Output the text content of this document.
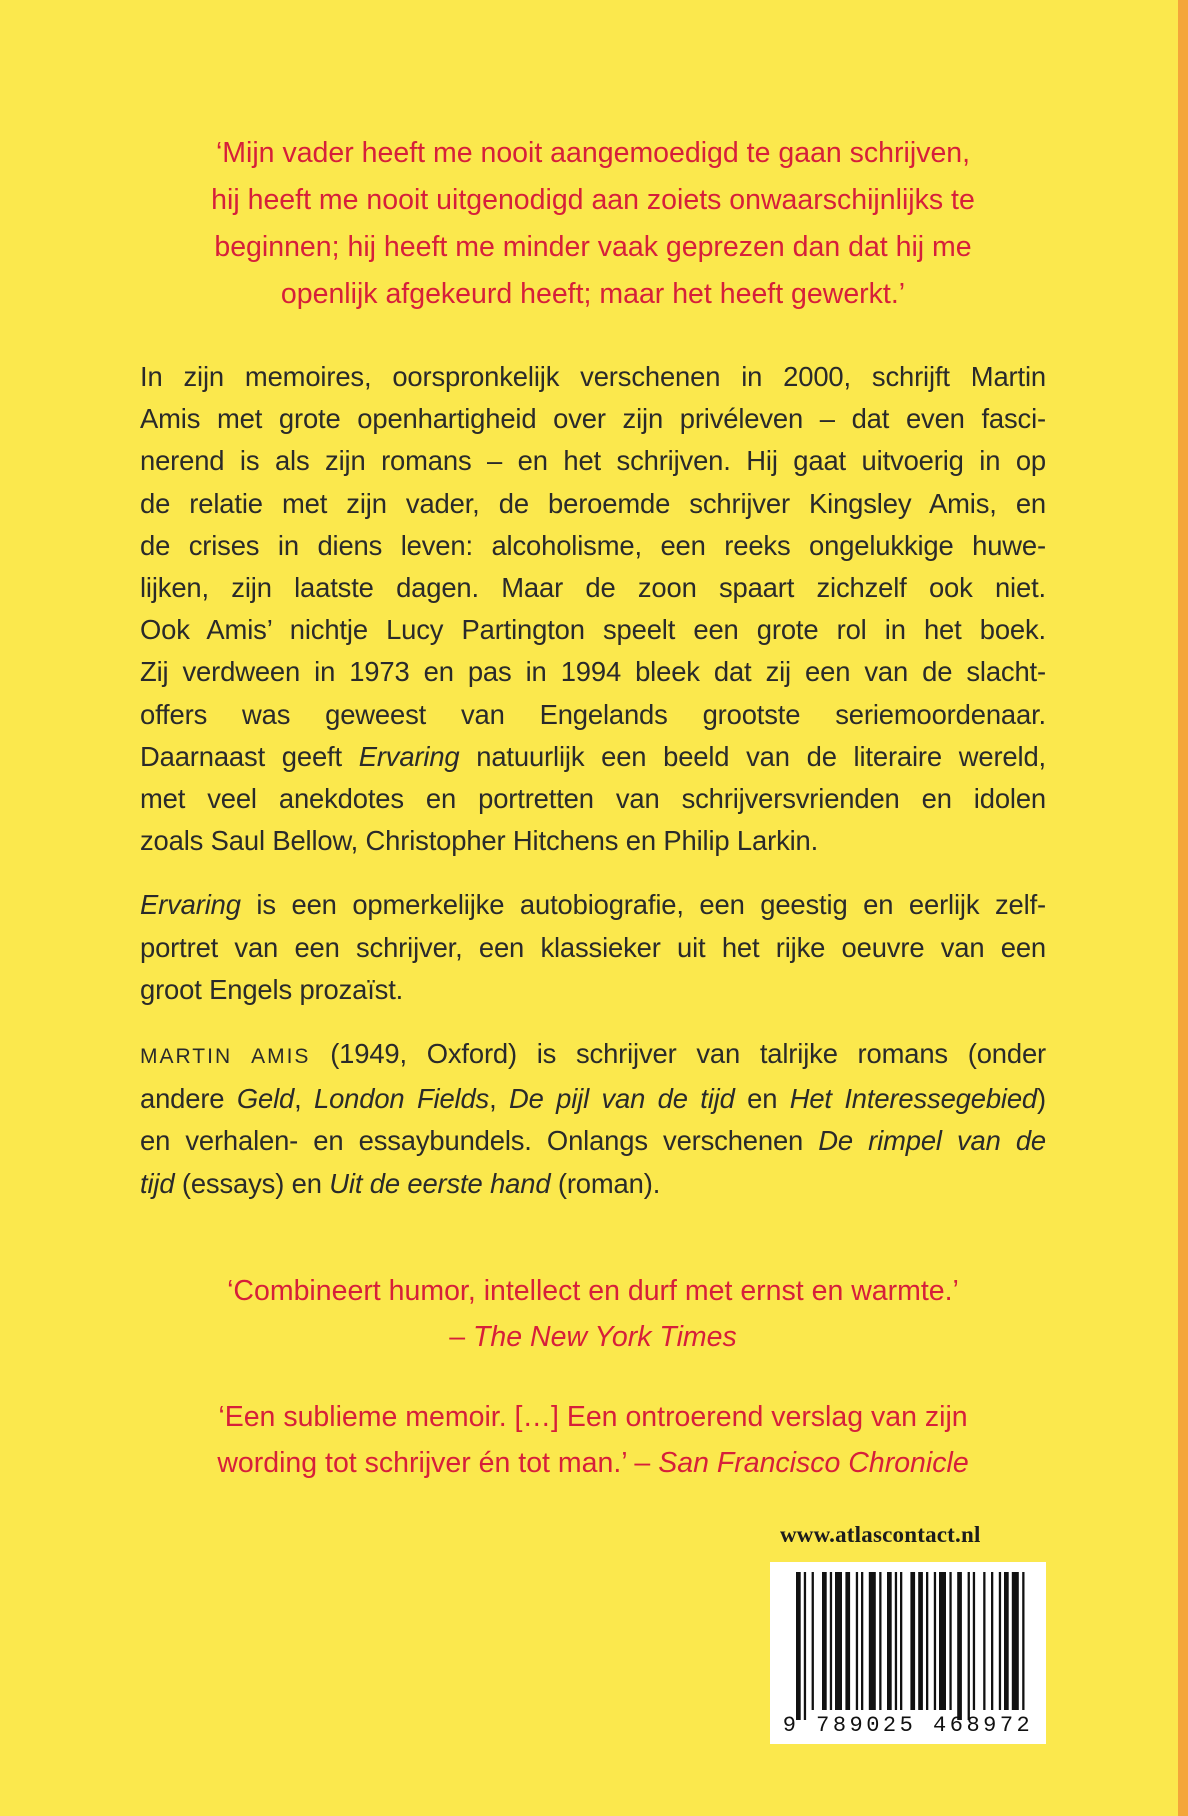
‘Mijn vader heeft me nooit aangemoedigd te gaan schrijven,
hij heeft me nooit uitgenodigd aan zoiets onwaarschijnlijks te
beginnen; hij heeft me minder vaak geprezen dan dat hij me
openlijk afgekeurd heeft; maar het heeft gewerkt.’

In zijn memoires, oorspronkelijk verschenen in 2000, schrijft Martin
Amis met grote openhartigheid over zijn privéleven – dat even fasci-
nerend is als zijn romans – en het schrijven. Hij gaat uitvoerig in op
de relatie met zijn vader, de beroemde schrijver Kingsley Amis, en
de crises in diens leven: alcoholisme, een reeks ongelukkige huwe-
lijken, zijn laatste dagen. Maar de zoon spaart zichzelf ook niet.
Ook Amis’ nichtje Lucy Partington speelt een grote rol in het boek.
Zij verdween in 1973 en pas in 1994 bleek dat zij een van de slacht-
offers was geweest van Engelands grootste seriemoordenaar.
Daarnaast geeft Ervaring natuurlijk een beeld van de literaire wereld,
met veel anekdotes en portretten van schrijversvrienden en idolen
zoals Saul Bellow, Christopher Hitchens en Philip Larkin.
Ervaring is een opmerkelijke autobiografie, een geestig en eerlijk zelf-
portret van een schrijver, een klassieker uit het rijke oeuvre van een
groot Engels prozaïst.
MARTIN AMIS (1949, Oxford) is schrijver van talrijke romans (onder
andere Geld, London Fields, De pijl van de tijd en Het Interessegebied)
en verhalen- en essaybundels. Onlangs verschenen De rimpel van de
tijd (essays) en Uit de eerste hand (roman).

‘Combineert humor, intellect en durf met ernst en warmte.’
– The New York Times

‘Een sublieme memoir. […] Een ontroerend verslag van zijn
wording tot schrijver én tot man.’ – San Francisco Chronicle

www.atlascontact.nl
9 789025 468972
